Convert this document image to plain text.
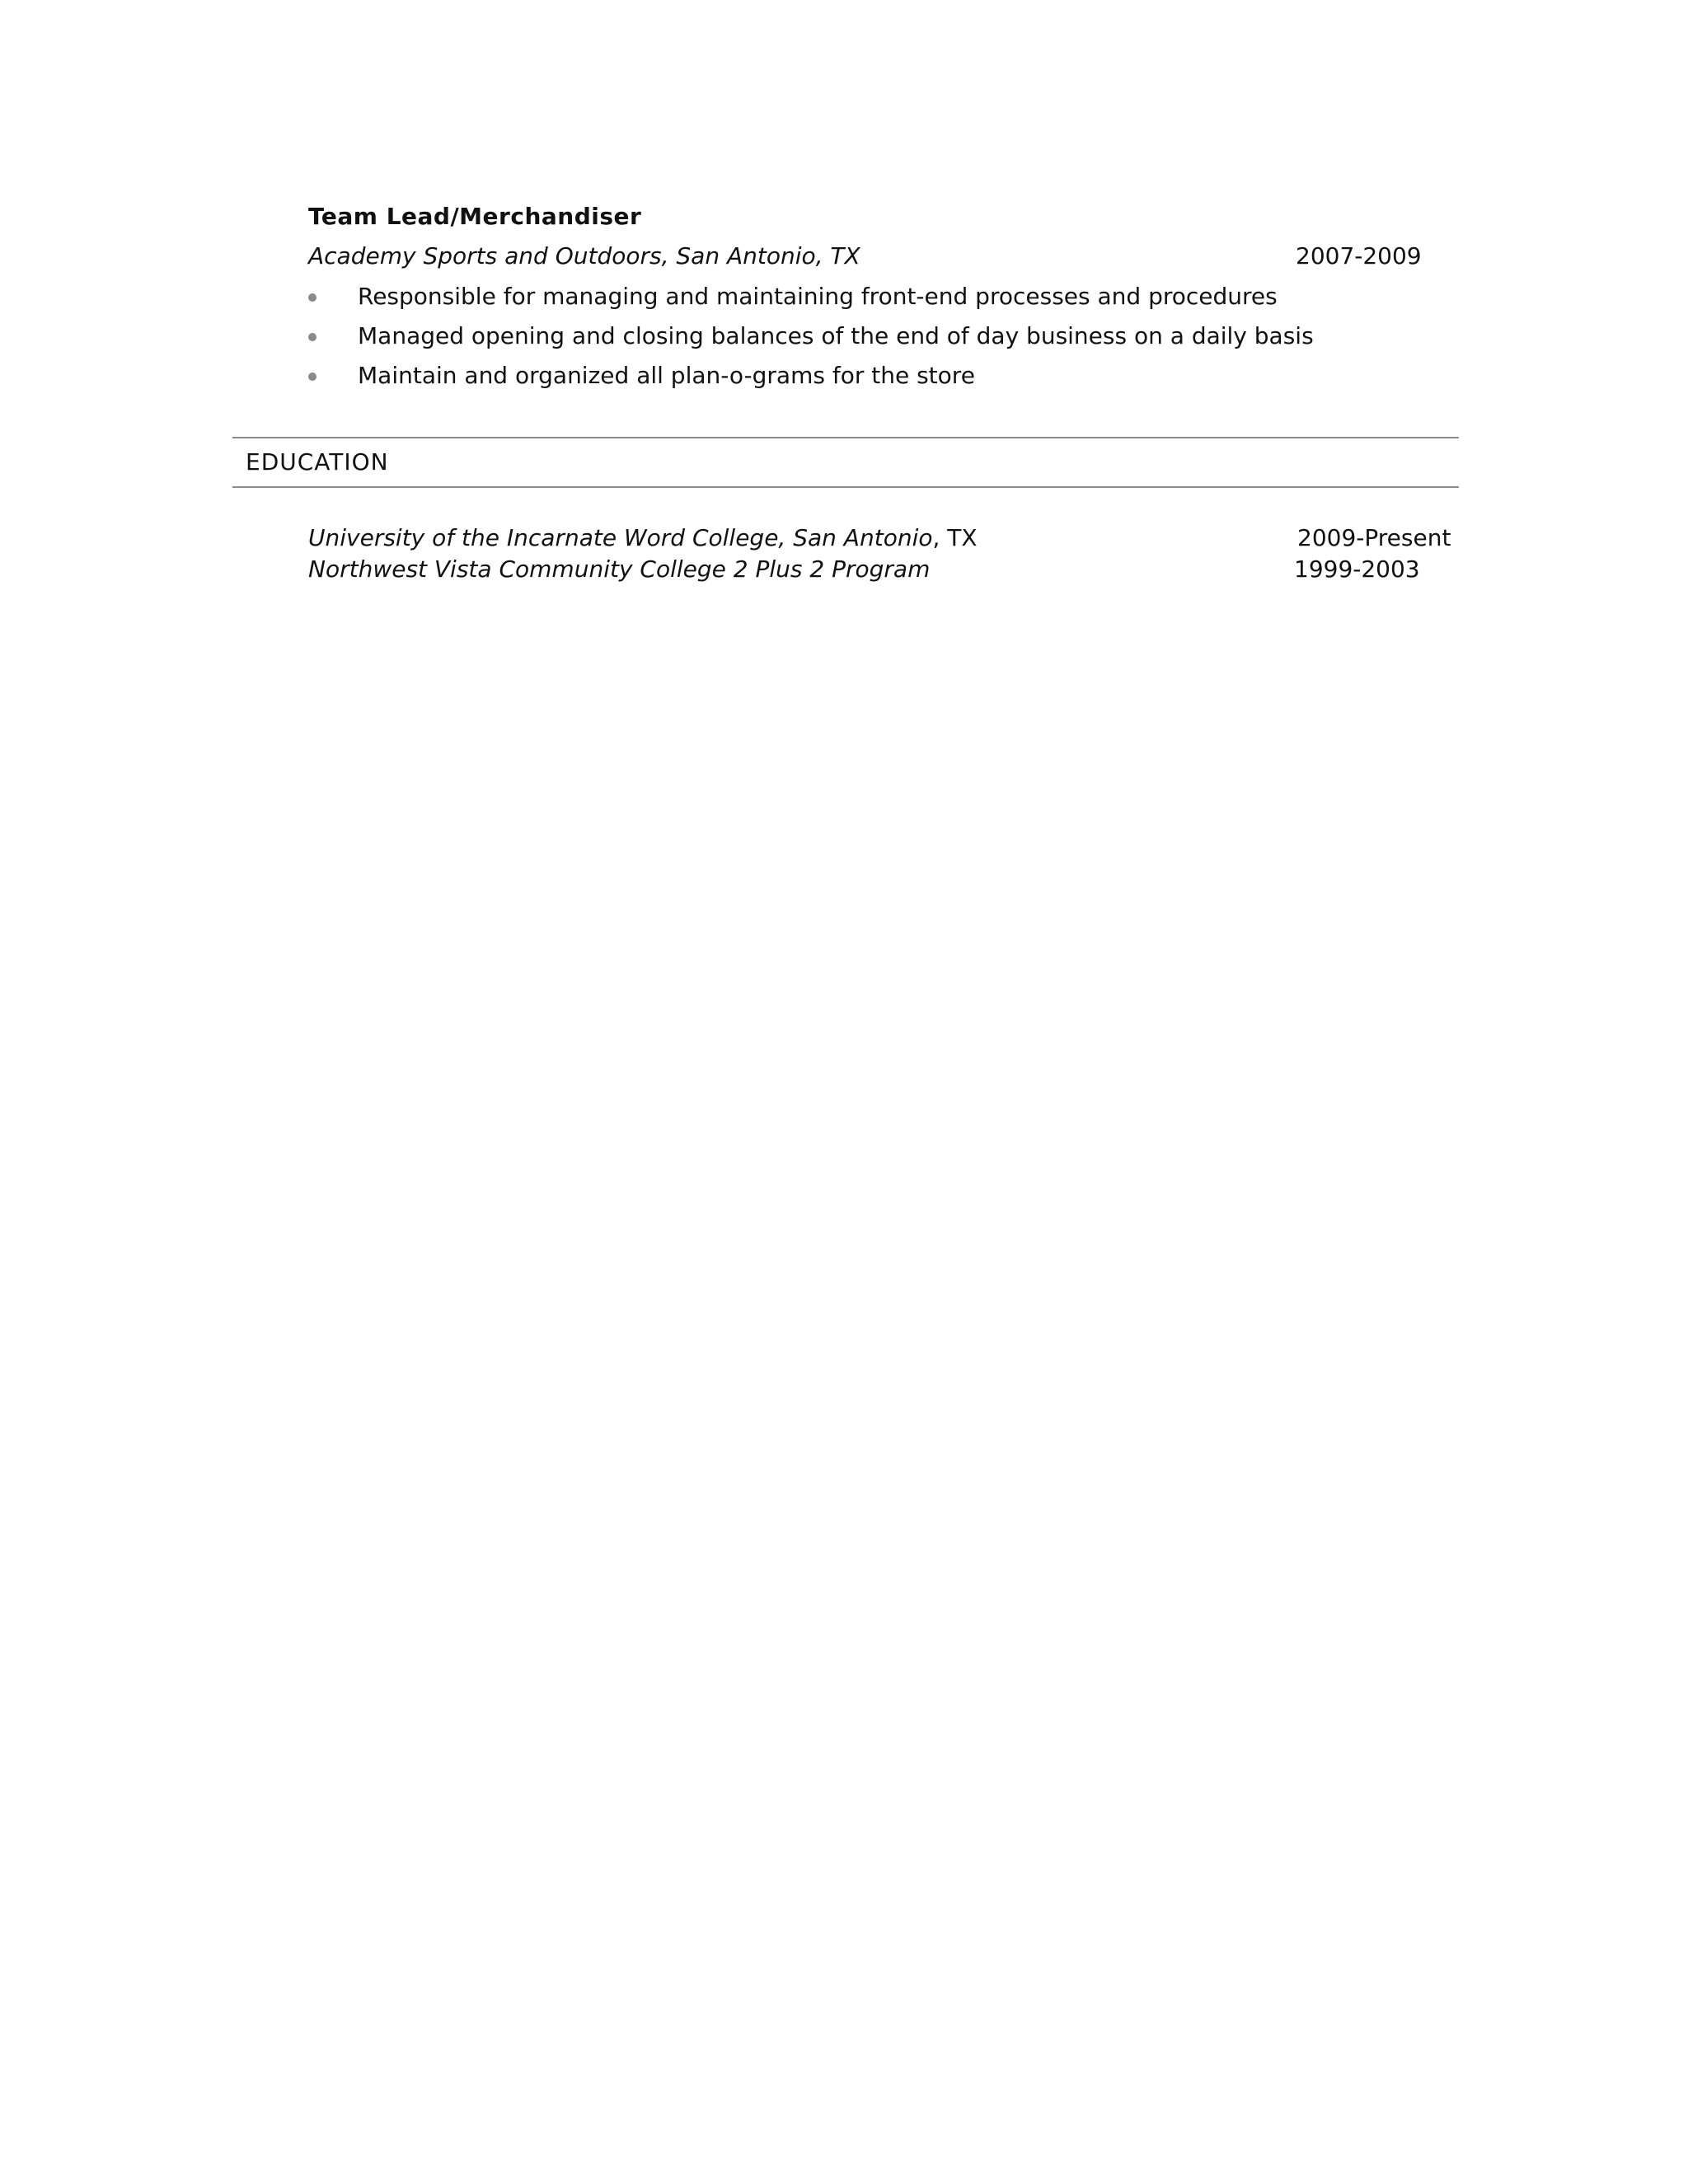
Team Lead/Merchandiser
Academy Sports and Outdoors, San Antonio, TX	2007-2009
Responsible for managing and maintaining front-end processes and procedures
Managed opening and closing balances of the end of day business on a daily basis
Maintain and organized all plan-o-grams for the store
EDUCATION
University of the Incarnate Word College, San Antonio, TX	2009-Present
Northwest Vista Community College 2 Plus 2 Program	1999-2003
